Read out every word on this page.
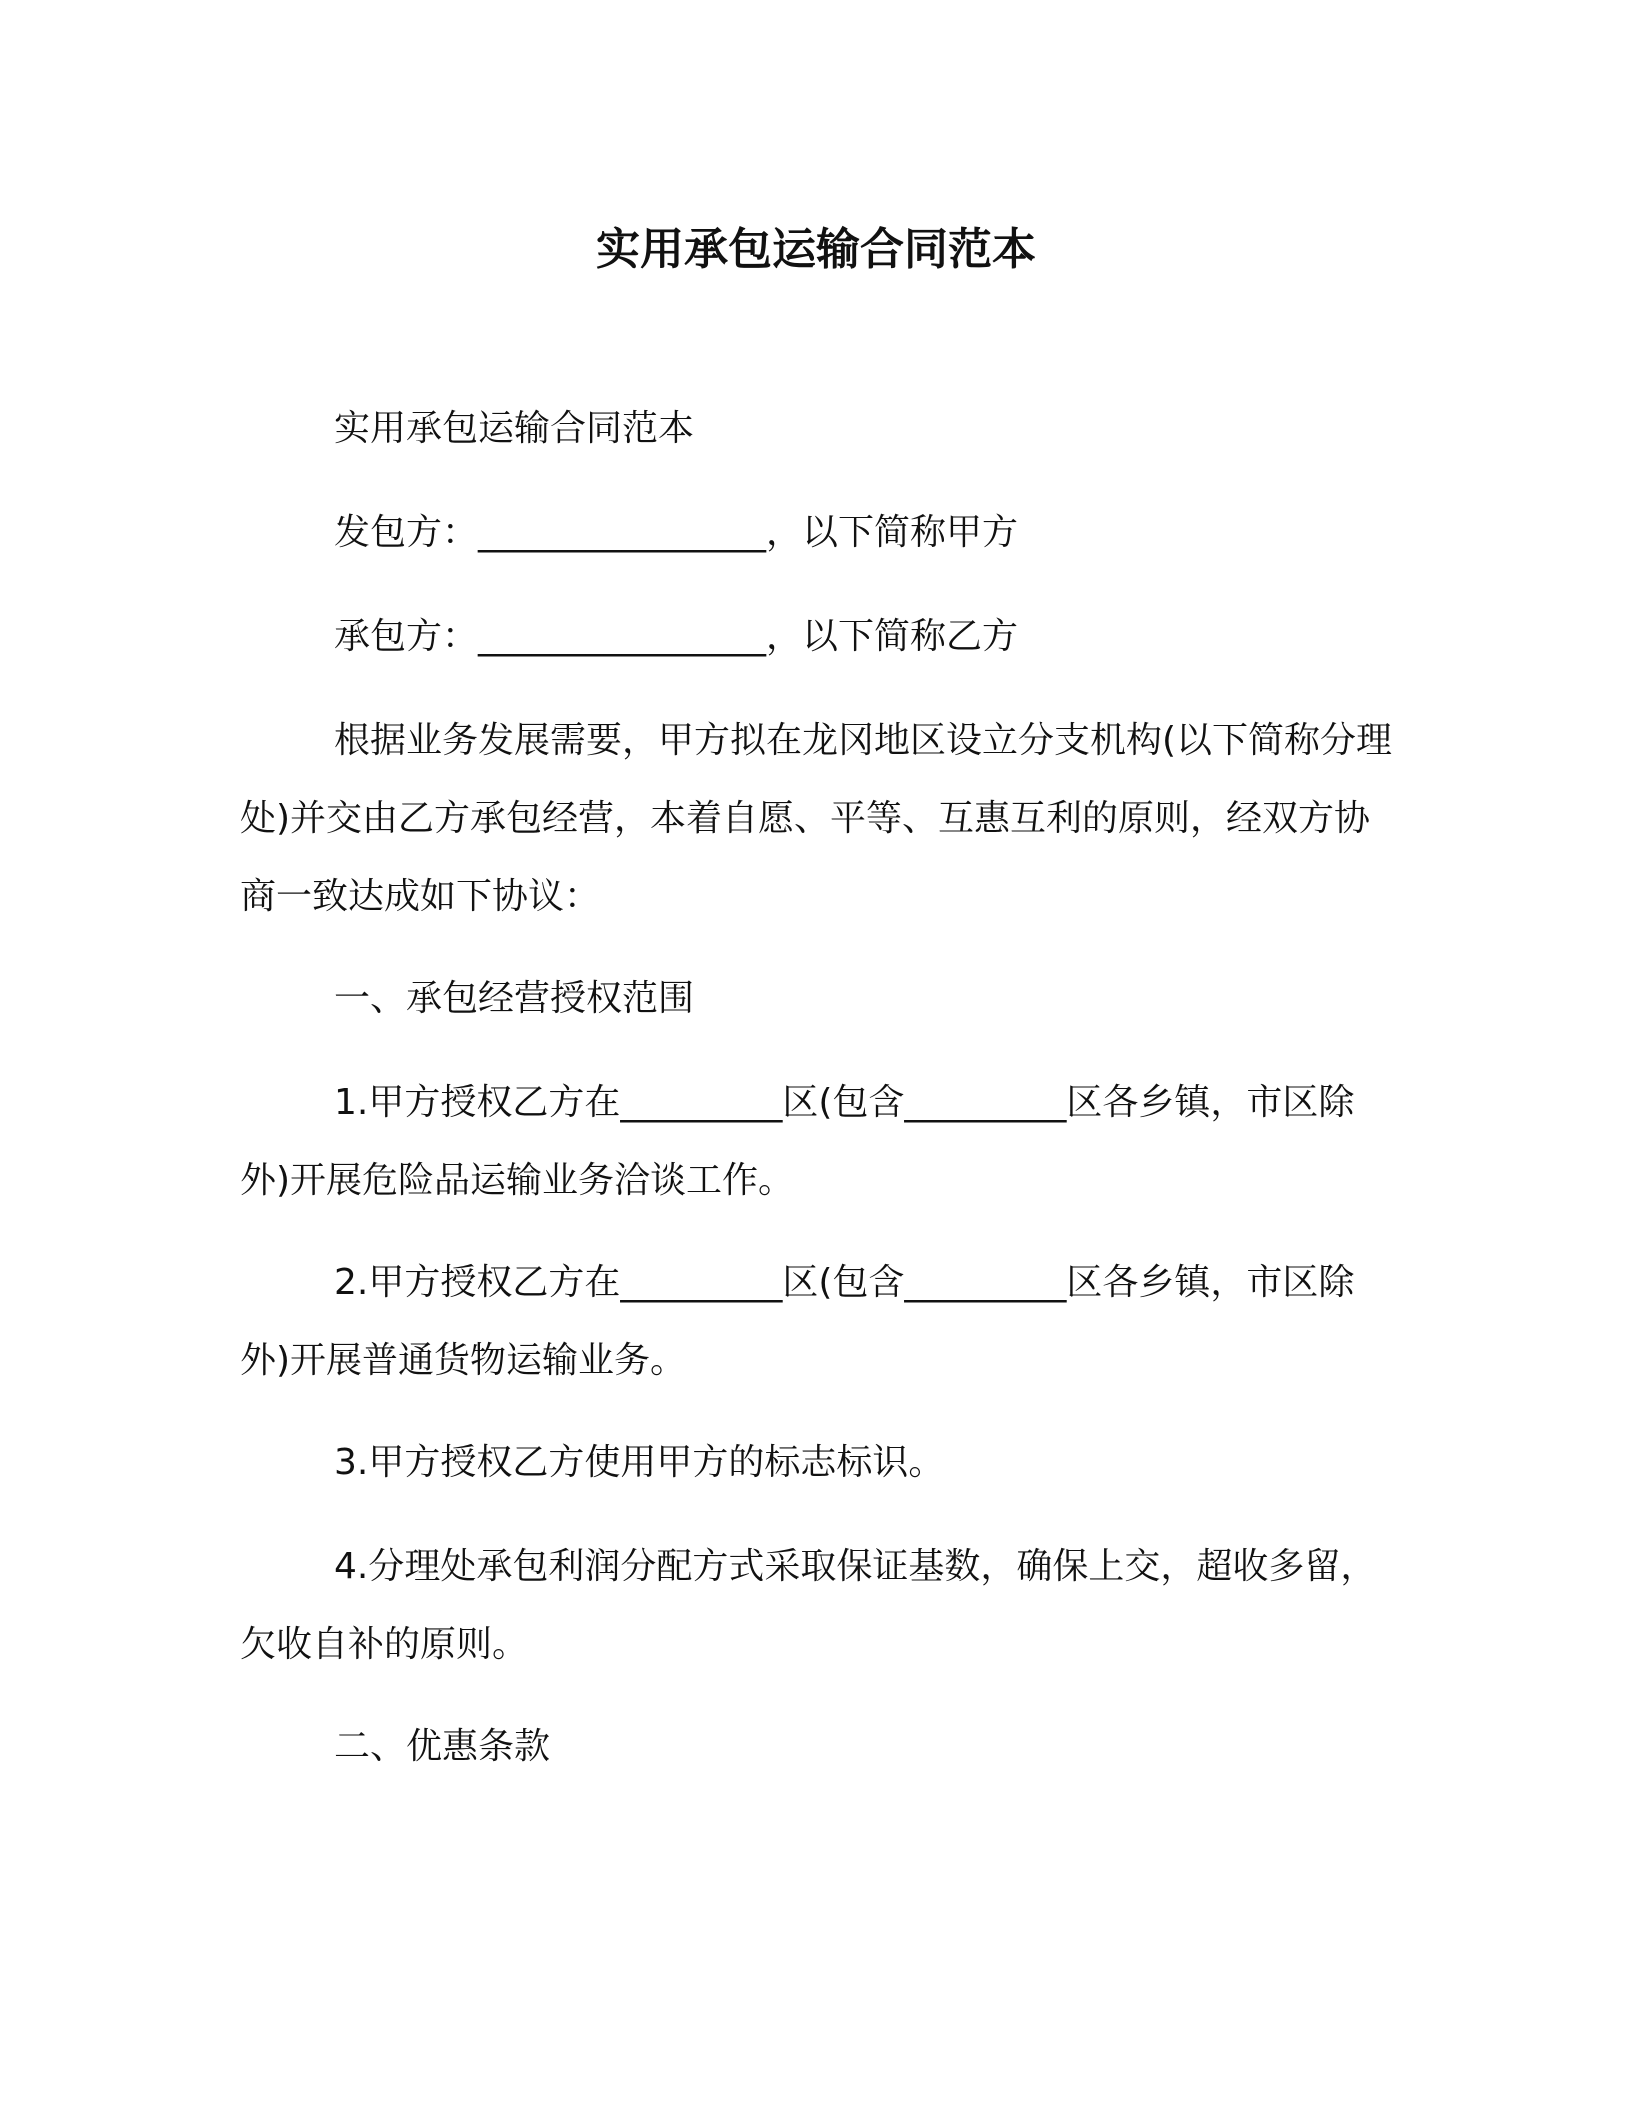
实用承包运输合同范本

实用承包运输合同范本

发包方：________________，以下简称甲方

承包方：________________，以下简称乙方

根据业务发展需要，甲方拟在龙冈地区设立分支机构(以下简称分理处)并交由乙方承包经营，本着自愿、平等、互惠互利的原则，经双方协商一致达成如下协议：

一、承包经营授权范围

1.甲方授权乙方在_________区(包含_________区各乡镇，市区除外)开展危险品运输业务洽谈工作。

2.甲方授权乙方在_________区(包含_________区各乡镇，市区除外)开展普通货物运输业务。

3.甲方授权乙方使用甲方的标志标识。

4.分理处承包利润分配方式采取保证基数，确保上交，超收多留，欠收自补的原则。

二、优惠条款
